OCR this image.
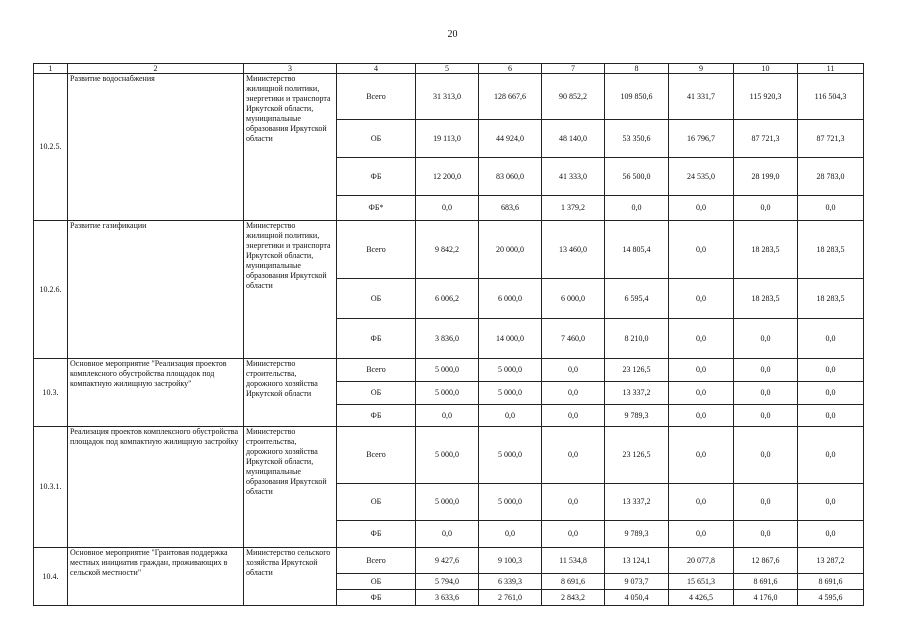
20
1	2	3	4	5	6	7	8	9	10	11
10.2.5.	Развитие водоснабжения	Министерство жилищной политики, энергетики и транспорта Иркутской области, муниципальные образования Иркутской области	Всего	31 313,0	128 667,6	90 852,2	109 850,6	41 331,7	115 920,3	116 504,3
			ОБ	19 113,0	44 924,0	48 140,0	53 350,6	16 796,7	87 721,3	87 721,3
			ФБ	12 200,0	83 060,0	41 333,0	56 500,0	24 535,0	28 199,0	28 783,0
			ФБ*	0,0	683,6	1 379,2	0,0	0,0	0,0	0,0
10.2.6.	Развитие газификации	Министерство жилищной политики, энергетики и транспорта Иркутской области, муниципальные образования Иркутской области	Всего	9 842,2	20 000,0	13 460,0	14 805,4	0,0	18 283,5	18 283,5
			ОБ	6 006,2	6 000,0	6 000,0	6 595,4	0,0	18 283,5	18 283,5
			ФБ	3 836,0	14 000,0	7 460,0	8 210,0	0,0	0,0	0,0
10.3.	Основное мероприятие "Реализация проектов комплексного обустройства площадок под компактную жилищную застройку"	Министерство строительства, дорожного хозяйства Иркутской области	Всего	5 000,0	5 000,0	0,0	23 126,5	0,0	0,0	0,0
			ОБ	5 000,0	5 000,0	0,0	13 337,2	0,0	0,0	0,0
			ФБ	0,0	0,0	0,0	9 789,3	0,0	0,0	0,0
10.3.1.	Реализация проектов комплексного обустройства площадок под компактную жилищную застройку	Министерство строительства, дорожного хозяйства Иркутской области, муниципальные образования Иркутской области	Всего	5 000,0	5 000,0	0,0	23 126,5	0,0	0,0	0,0
			ОБ	5 000,0	5 000,0	0,0	13 337,2	0,0	0,0	0,0
			ФБ	0,0	0,0	0,0	9 789,3	0,0	0,0	0,0
10.4.	Основное мероприятие "Грантовая поддержка местных инициатив граждан, проживающих в сельской местности"	Министерство сельского хозяйства Иркутской области	Всего	9 427,6	9 100,3	11 534,8	13 124,1	20 077,8	12 867,6	13 287,2
			ОБ	5 794,0	6 339,3	8 691,6	9 073,7	15 651,3	8 691,6	8 691,6
			ФБ	3 633,6	2 761,0	2 843,2	4 050,4	4 426,5	4 176,0	4 595,6
